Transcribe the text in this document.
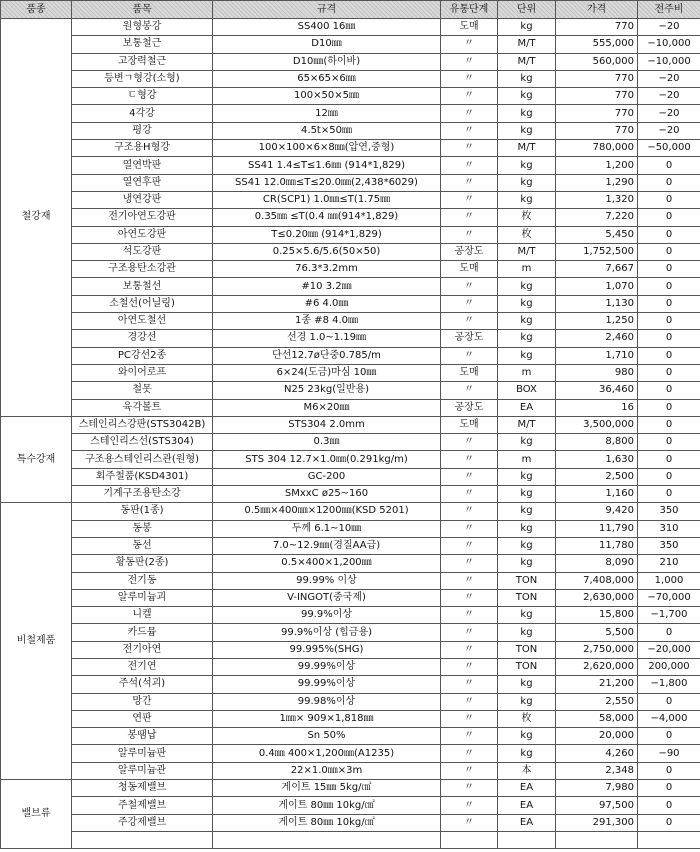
품종	품목	규격	유통단계	단위	가격	전주비
철강재	원형봉강	SS400 16㎜	도매	kg	770	−20
	보통철근	D10㎜	〃	M/T	555,000	−10,000
	고장력철근	D10㎜(하이바)	〃	M/T	560,000	−10,000
	등변ㄱ형강(소형)	65×65×6㎜	〃	kg	770	−20
	ㄷ형강	100×50×5㎜	〃	kg	770	−20
	4각강	12㎜	〃	kg	770	−20
	평강	4.5t×50㎜	〃	kg	770	−20
	구조용H형강	100×100×6×8㎜(압연,중형)	〃	M/T	780,000	−50,000
	열연박판	SS41 1.4≤T≤1.6㎜ (914*1,829)	〃	kg	1,200	0
	열연후판	SS41 12.0㎜≤T≤20.0㎜(2,438*6029)	〃	kg	1,290	0
	냉연강판	CR(SCP1) 1.0㎜≤T(1.75㎜	〃	kg	1,320	0
	전기아연도강판	0.35㎜ ≤T(0.4 ㎜(914*1,829)	〃	枚	7,220	0
	아연도강판	T≤0.20㎜ (914*1,829)	〃	枚	5,450	0
	석도강판	0.25×5.6/5.6(50×50)	공장도	M/T	1,752,500	0
	구조용탄소강관	76.3*3.2mm	도매	m	7,667	0
	보통철선	#10 3.2㎜	〃	kg	1,070	0
	소철선(어닐링)	#6 4.0㎜	〃	kg	1,130	0
	아연도철선	1종 #8 4.0㎜	〃	kg	1,250	0
	경강선	선경 1.0~1.19㎜	공장도	kg	2,460	0
	PC강선2종	단선12.7ø단중0.785/m	〃	kg	1,710	0
	와이어로프	6×24(도금)마심 10㎜	도매	m	980	0
	철못	N25 23kg(일반용)	〃	BOX	36,460	0
	육각볼트	M6×20㎜	공장도	EA	16	0
특수강재	스테인리스강판(STS3042B)	STS304 2.0mm	도매	M/T	3,500,000	0
	스테인리스선(STS304)	0.3㎜	〃	kg	8,800	0
	구조용스테인리스관(원형)	STS 304 12.7×1.0㎜(0.291kg/m)	〃	m	1,630	0
	회주철품(KSD4301)	GC-200	〃	kg	2,500	0
	기계구조용탄소강	SMxxC ø25~160	〃	kg	1,160	0
비철제품	동판(1종)	0.5㎜×400㎜×1200㎜(KSD 5201)	〃	kg	9,420	350
	동봉	두께 6.1~10㎜	〃	kg	11,790	310
	동선	7.0~12.9㎜(경질AA급)	〃	kg	11,780	350
	황동판(2종)	0.5×400×1,200㎜	〃	kg	8,090	210
	전기동	99.99% 이상	〃	TON	7,408,000	1,000
	알루미늄괴	V-INGOT(중국제)	〃	TON	2,630,000	−70,000
	니켈	99.9%이상	〃	kg	15,800	−1,700
	카드뮴	99.9%이상 (힙금용)	〃	kg	5,500	0
	전기아연	99.995%(SHG)	〃	TON	2,750,000	−20,000
	전기연	99.99%이상	〃	TON	2,620,000	200,000
	주석(석괴)	99.99%이상	〃	kg	21,200	−1,800
	망간	99.98%이상	〃	kg	2,550	0
	연판	1㎜× 909×1,818㎜	〃	枚	58,000	−4,000
	봉땜납	Sn 50%	〃	kg	20,000	0
	알루미늄판	0.4㎜ 400×1,200㎜(A1235)	〃	kg	4,260	−90
	알루미늄관	22×1.0㎜×3m	〃	本	2,348	0
밸브류	청동제밸브	게이트 15㎜ 5kg/㎠	〃	EA	7,980	0
	주철제밸브	게이트 80㎜ 10kg/㎠	〃	EA	97,500	0
	주강제밸브	게이트 80㎜ 10kg/㎠	〃	EA	291,300	0
